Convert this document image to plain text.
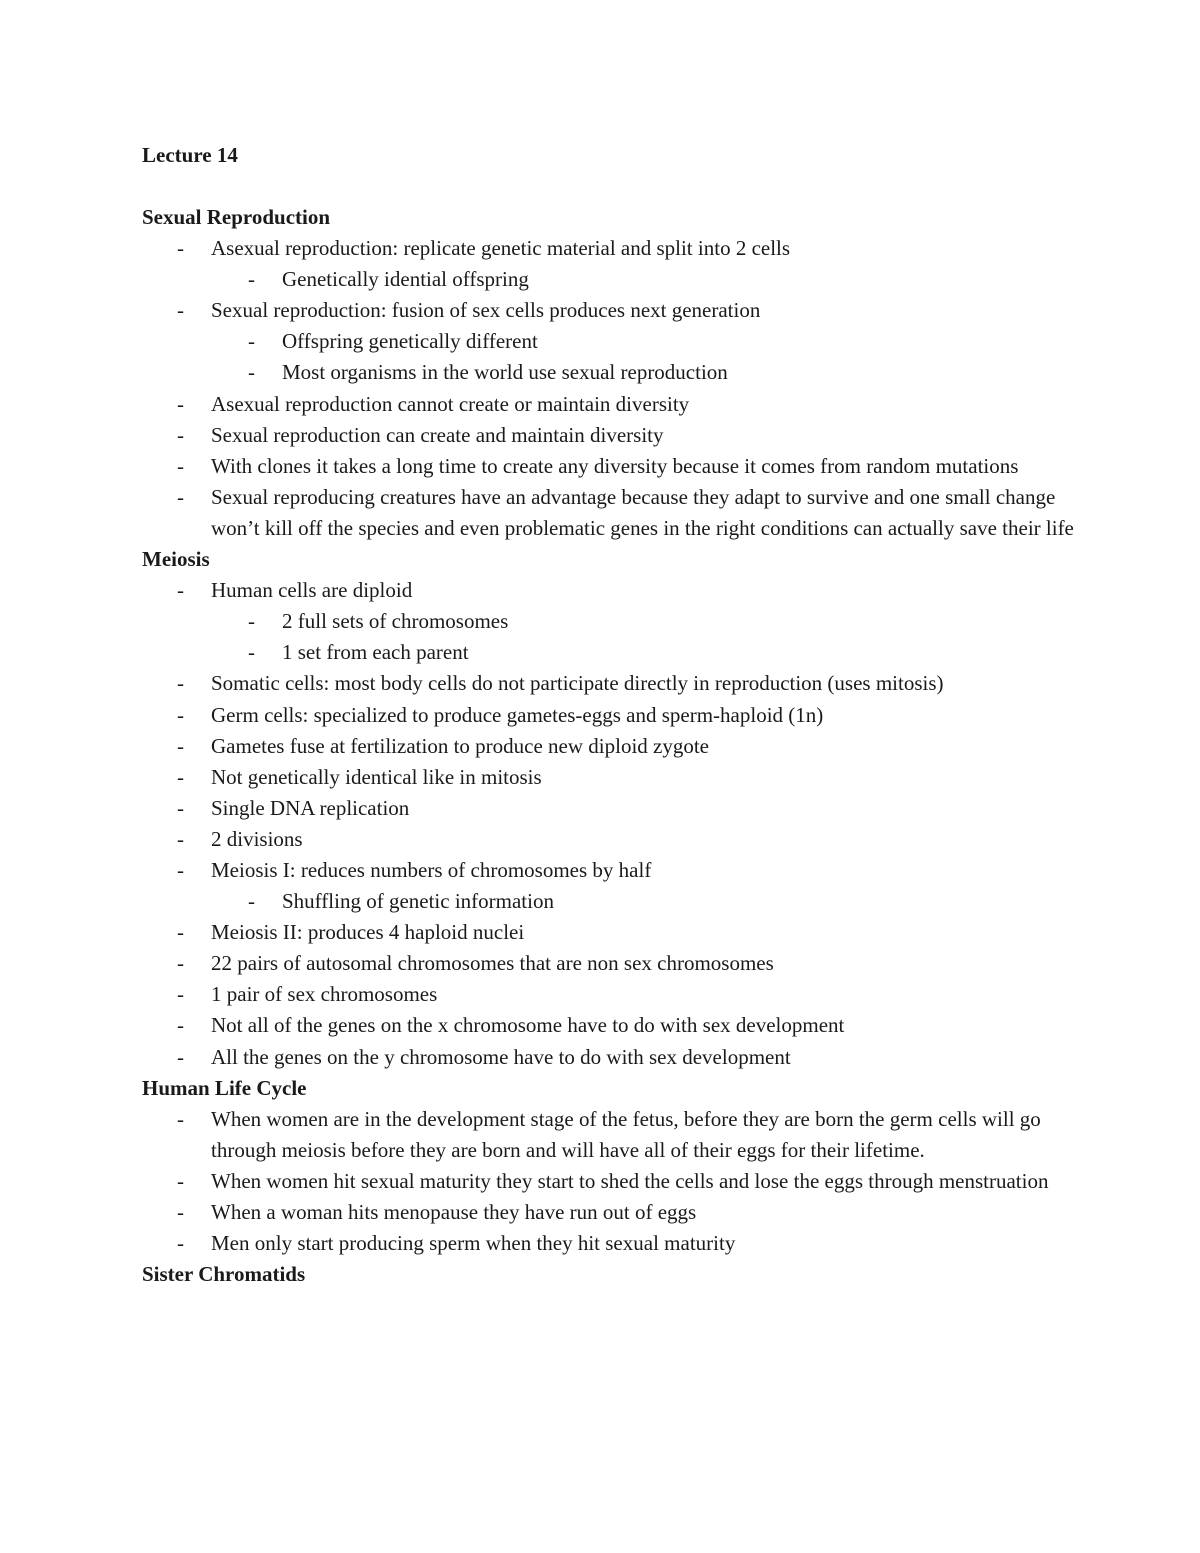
Lecture 14
Sexual Reproduction
- Asexual reproduction: replicate genetic material and split into 2 cells
- Genetically idential offspring
- Sexual reproduction: fusion of sex cells produces next generation
- Offspring genetically different
- Most organisms in the world use sexual reproduction
- Asexual reproduction cannot create or maintain diversity
- Sexual reproduction can create and maintain diversity
- With clones it takes a long time to create any diversity because it comes from random mutations
- Sexual reproducing creatures have an advantage because they adapt to survive and one small change won’t kill off the species and even problematic genes in the right conditions can actually save their life
Meiosis
- Human cells are diploid
- 2 full sets of chromosomes
- 1 set from each parent
- Somatic cells: most body cells do not participate directly in reproduction (uses mitosis)
- Germ cells: specialized to produce gametes-eggs and sperm-haploid (1n)
- Gametes fuse at fertilization to produce new diploid zygote
- Not genetically identical like in mitosis
- Single DNA replication
- 2 divisions
- Meiosis I: reduces numbers of chromosomes by half
- Shuffling of genetic information
- Meiosis II: produces 4 haploid nuclei
- 22 pairs of autosomal chromosomes that are non sex chromosomes
- 1 pair of sex chromosomes
- Not all of the genes on the x chromosome have to do with sex development
- All the genes on the y chromosome have to do with sex development
Human Life Cycle
- When women are in the development stage of the fetus, before they are born the germ cells will go through meiosis before they are born and will have all of their eggs for their lifetime.
- When women hit sexual maturity they start to shed the cells and lose the eggs through menstruation
- When a woman hits menopause they have run out of eggs
- Men only start producing sperm when they hit sexual maturity
Sister Chromatids
